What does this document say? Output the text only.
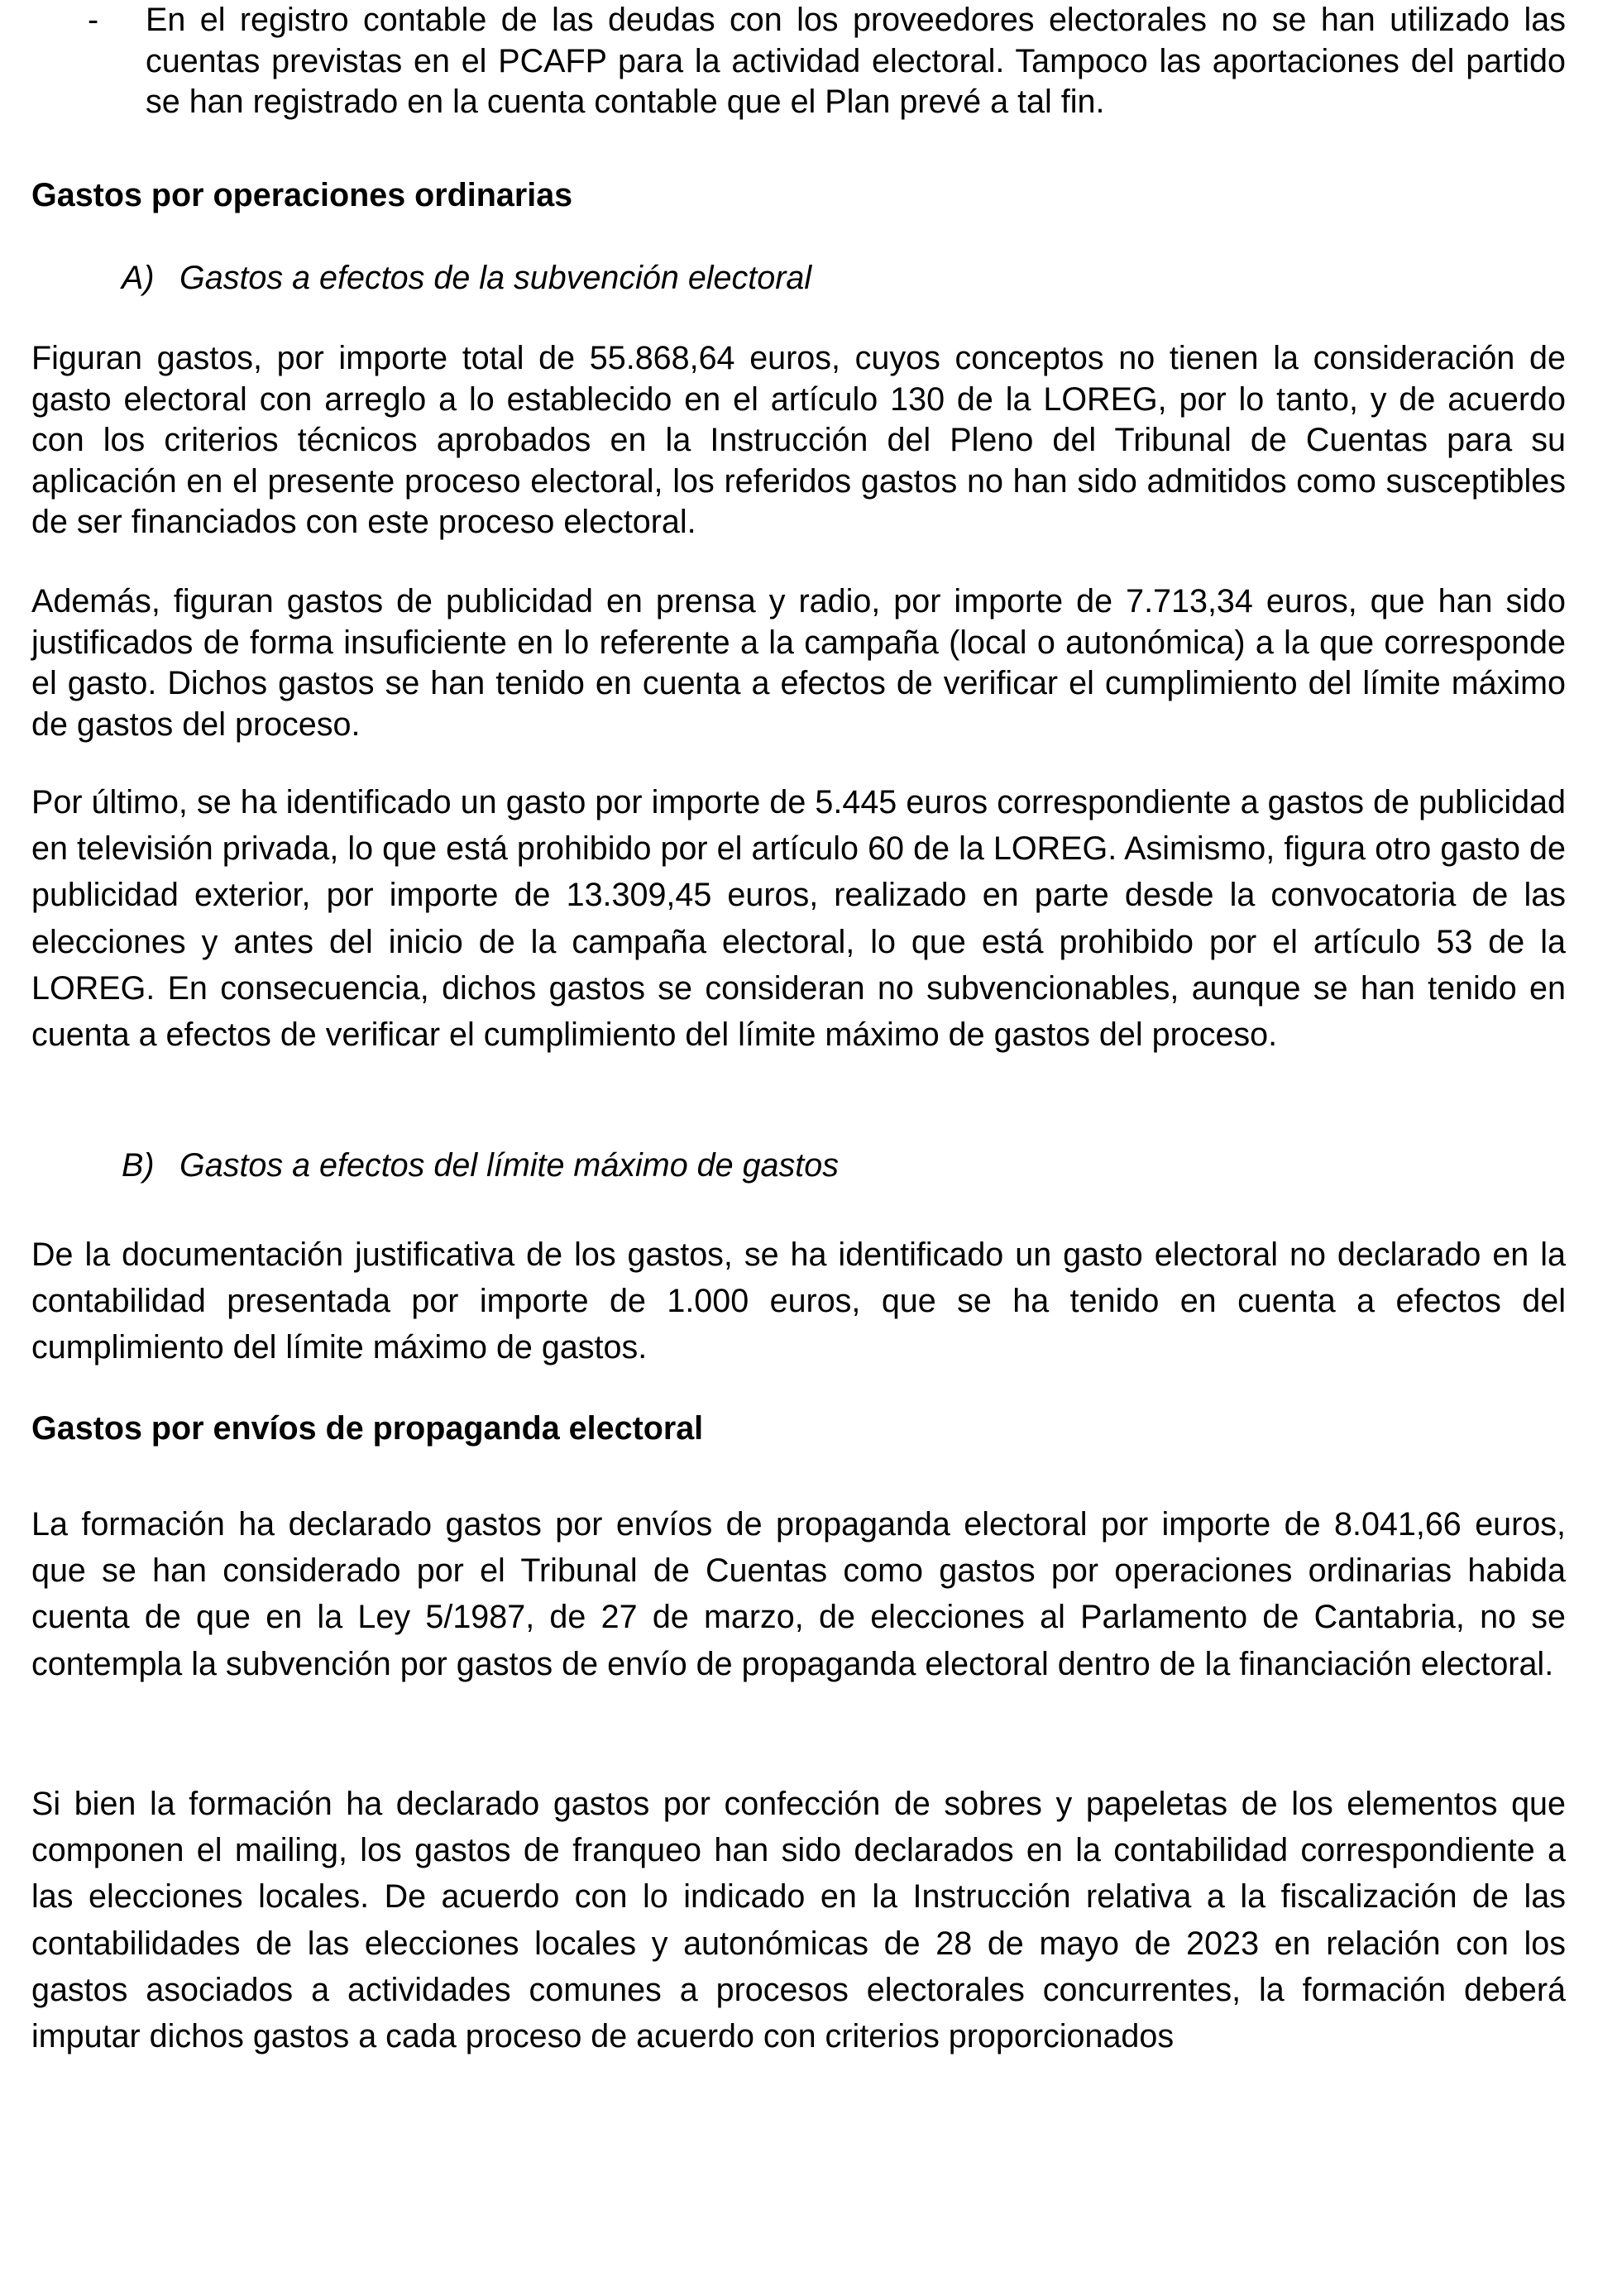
- En el registro contable de las deudas con los proveedores electorales no se han utilizado las cuentas previstas en el PCAFP para la actividad electoral. Tampoco las aportaciones del partido se han registrado en la cuenta contable que el Plan prevé a tal fin.

Gastos por operaciones ordinarias
A) Gastos a efectos de la subvención electoral

Figuran gastos, por importe total de 55.868,64 euros, cuyos conceptos no tienen la consideración de gasto electoral con arreglo a lo establecido en el artículo 130 de la LOREG, por lo tanto, y de acuerdo con los criterios técnicos aprobados en la Instrucción del Pleno del Tribunal de Cuentas para su aplicación en el presente proceso electoral, los referidos gastos no han sido admitidos como susceptibles de ser financiados con este proceso electoral.

Además, figuran gastos de publicidad en prensa y radio, por importe de 7.713,34 euros, que han sido justificados de forma insuficiente en lo referente a la campaña (local o autonómica) a la que corresponde el gasto. Dichos gastos se han tenido en cuenta a efectos de verificar el cumplimiento del límite máximo de gastos del proceso.

Por último, se ha identificado un gasto por importe de 5.445 euros correspondiente a gastos de publicidad en televisión privada, lo que está prohibido por el artículo 60 de la LOREG. Asimismo, figura otro gasto de publicidad exterior, por importe de 13.309,45 euros, realizado en parte desde la convocatoria de las elecciones y antes del inicio de la campaña electoral, lo que está prohibido por el artículo 53 de la LOREG. En consecuencia, dichos gastos se consideran no subvencionables, aunque se han tenido en cuenta a efectos de verificar el cumplimiento del límite máximo de gastos del proceso.

B) Gastos a efectos del límite máximo de gastos

De la documentación justificativa de los gastos, se ha identificado un gasto electoral no declarado en la contabilidad presentada por importe de 1.000 euros, que se ha tenido en cuenta a efectos del cumplimiento del límite máximo de gastos.

Gastos por envíos de propaganda electoral

La formación ha declarado gastos por envíos de propaganda electoral por importe de 8.041,66 euros, que se han considerado por el Tribunal de Cuentas como gastos por operaciones ordinarias habida cuenta de que en la Ley 5/1987, de 27 de marzo, de elecciones al Parlamento de Cantabria, no se contempla la subvención por gastos de envío de propaganda electoral dentro de la financiación electoral.

Si bien la formación ha declarado gastos por confección de sobres y papeletas de los elementos que componen el mailing, los gastos de franqueo han sido declarados en la contabilidad correspondiente a las elecciones locales. De acuerdo con lo indicado en la Instrucción relativa a la fiscalización de las contabilidades de las elecciones locales y autonómicas de 28 de mayo de 2023 en relación con los gastos asociados a actividades comunes a procesos electorales concurrentes, la formación deberá imputar dichos gastos a cada proceso de acuerdo con criterios proporcionados
